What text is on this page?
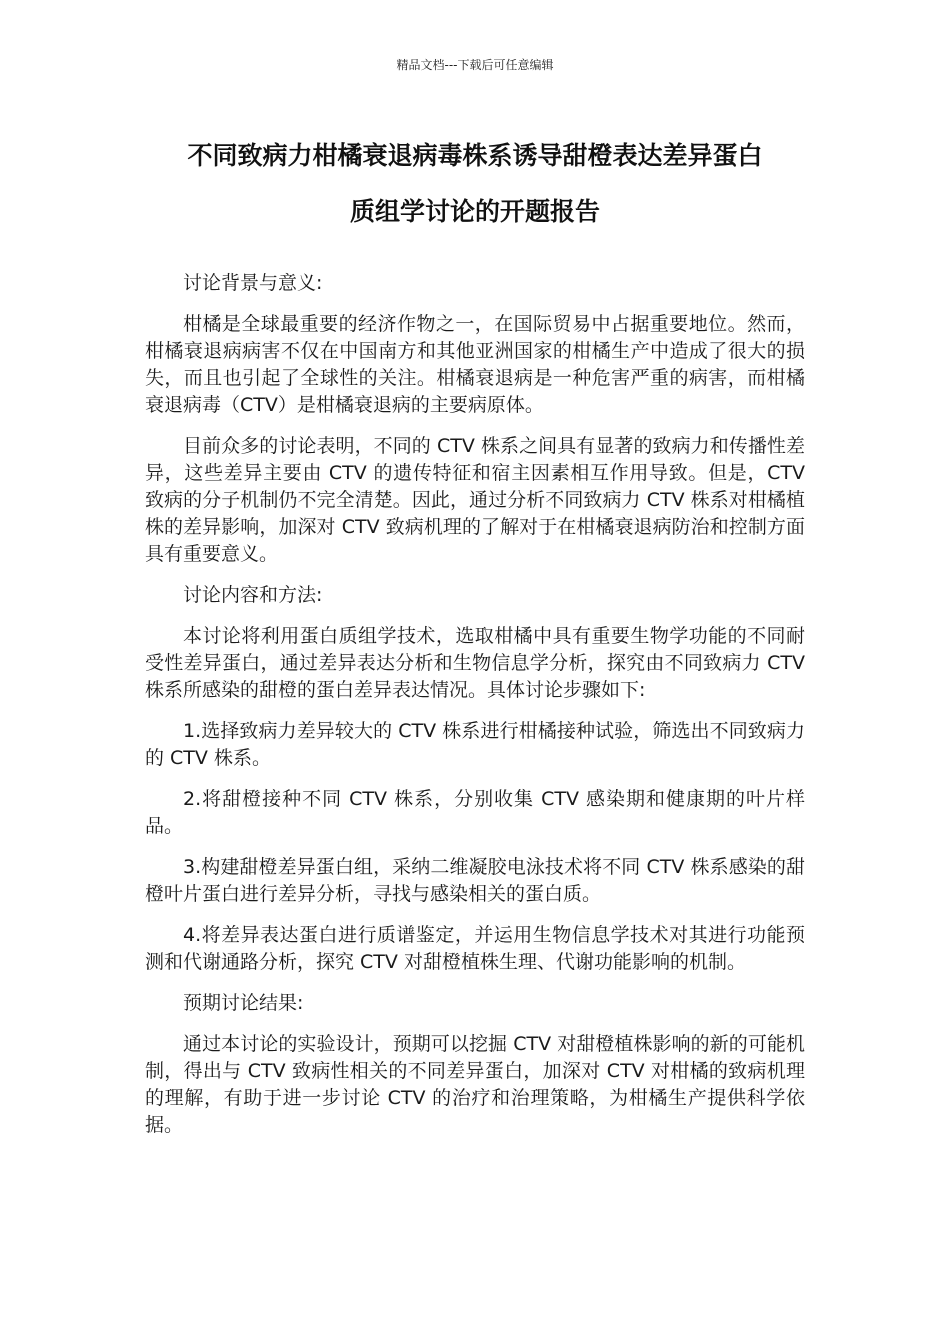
精品文档---下载后可任意编辑
不同致病力柑橘衰退病毒株系诱导甜橙表达差异蛋白
质组学讨论的开题报告

讨论背景与意义:

柑橘是全球最重要的经济作物之一，在国际贸易中占据重要地位。然而，柑橘衰退病病害不仅在中国南方和其他亚洲国家的柑橘生产中造成了很大的损失，而且也引起了全球性的关注。柑橘衰退病是一种危害严重的病害，而柑橘衰退病毒（CTV）是柑橘衰退病的主要病原体。

目前众多的讨论表明，不同的 CTV 株系之间具有显著的致病力和传播性差异，这些差异主要由 CTV 的遗传特征和宿主因素相互作用导致。但是，CTV 致病的分子机制仍不完全清楚。因此，通过分析不同致病力 CTV 株系对柑橘植株的差异影响，加深对 CTV 致病机理的了解对于在柑橘衰退病防治和控制方面具有重要意义。

讨论内容和方法:

本讨论将利用蛋白质组学技术，选取柑橘中具有重要生物学功能的不同耐受性差异蛋白，通过差异表达分析和生物信息学分析，探究由不同致病力 CTV 株系所感染的甜橙的蛋白差异表达情况。具体讨论步骤如下:

1.选择致病力差异较大的 CTV 株系进行柑橘接种试验，筛选出不同致病力的 CTV 株系。

2.将甜橙接种不同 CTV 株系，分别收集 CTV 感染期和健康期的叶片样品。

3.构建甜橙差异蛋白组，采纳二维凝胶电泳技术将不同 CTV 株系感染的甜橙叶片蛋白进行差异分析，寻找与感染相关的蛋白质。

4.将差异表达蛋白进行质谱鉴定，并运用生物信息学技术对其进行功能预测和代谢通路分析，探究 CTV 对甜橙植株生理、代谢功能影响的机制。

预期讨论结果:

通过本讨论的实验设计，预期可以挖掘 CTV 对甜橙植株影响的新的可能机制，得出与 CTV 致病性相关的不同差异蛋白，加深对 CTV 对柑橘的致病机理的理解，有助于进一步讨论 CTV 的治疗和治理策略，为柑橘生产提供科学依据。
